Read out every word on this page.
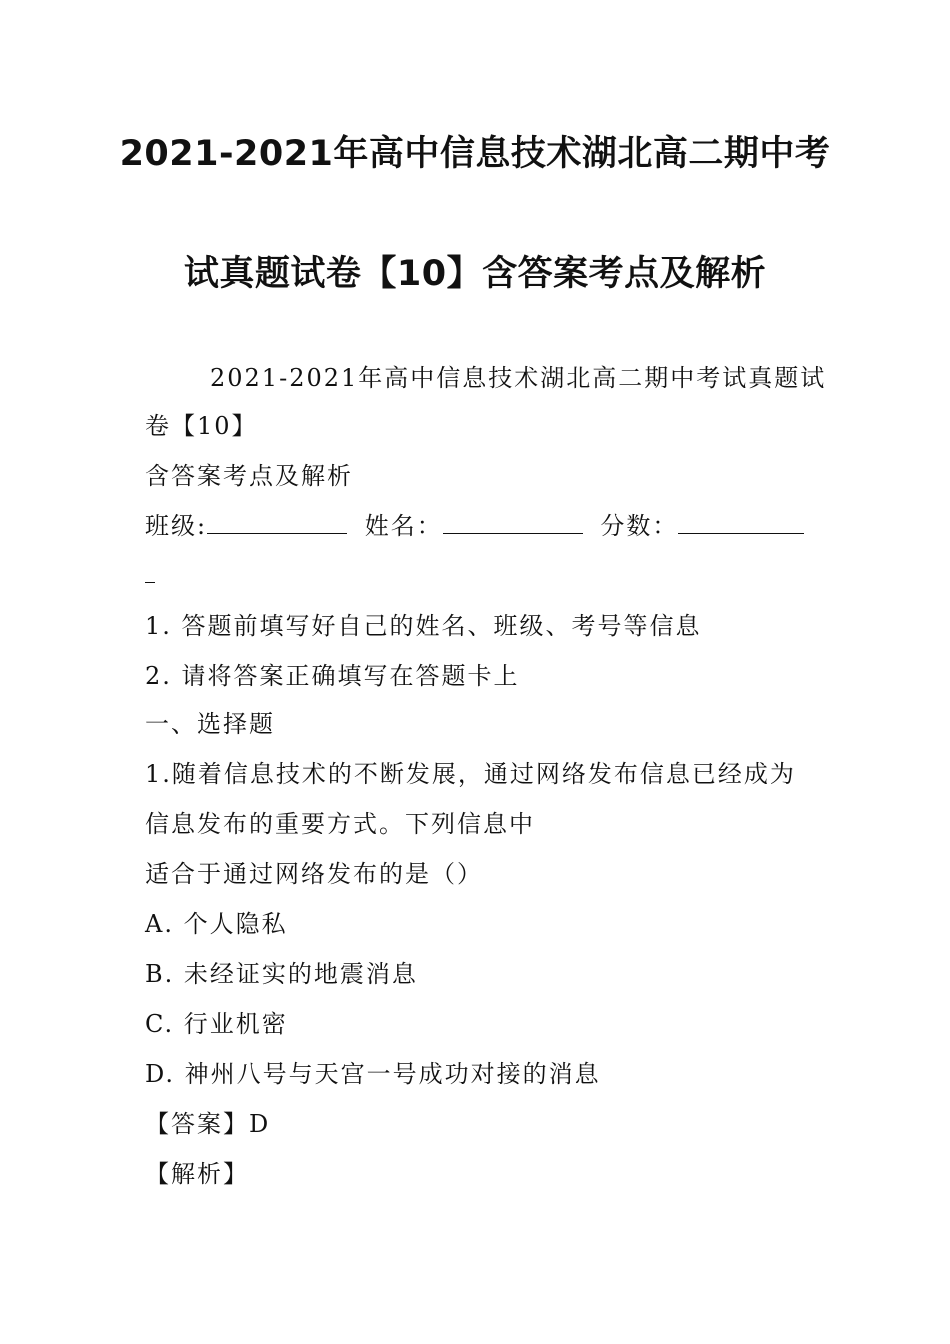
2021-2021年高中信息技术湖北高二期中考
试真题试卷【10】含答案考点及解析

2021-2021年高中信息技术湖北高二期中考试真题试

卷【10】

含答案考点及解析

班级:	姓名：	分数：

1. 答题前填写好自己的姓名、班级、考号等信息

2. 请将答案正确填写在答题卡上

一、选择题

1.随着信息技术的不断发展，通过网络发布信息已经成为

信息发布的重要方式。下列信息中

适合于通过网络发布的是（）

A. 个人隐私

B. 未经证实的地震消息

C. 行业机密

D. 神州八号与天宫一号成功对接的消息

【答案】D

【解析】
